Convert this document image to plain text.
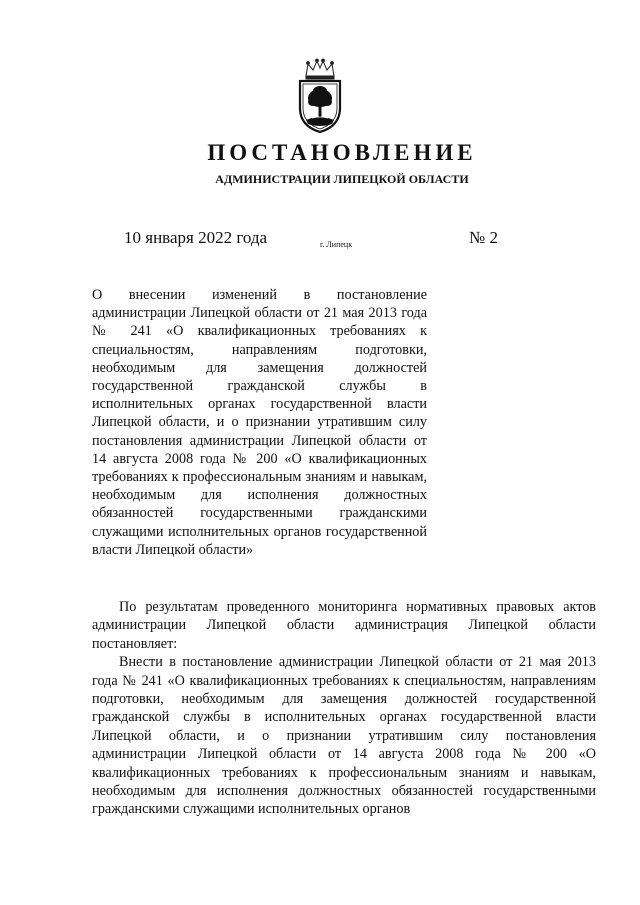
ПОСТАНОВЛЕНИЕ
АДМИНИСТРАЦИИ ЛИПЕЦКОЙ ОБЛАСТИ
10 января 2022 года	г. Липецк	№ 2
О внесении изменений в постановление администрации Липецкой области от 21 мая 2013 года № 241 «О квалификационных требованиях к специальностям, направлениям подготовки, необходимым для замещения должностей государственной гражданской службы в исполнительных органах государственной власти Липецкой области, и о признании утратившим силу постановления администрации Липецкой области от 14 августа 2008 года № 200 «О квалификационных требованиях к профессиональным знаниям и навыкам, необходимым для исполнения должностных обязанностей государственными гражданскими служащими исполнительных органов государственной власти Липецкой области»

По результатам проведенного мониторинга нормативных правовых актов администрации Липецкой области администрация Липецкой области постановляет:

Внести в постановление администрации Липецкой области от 21 мая 2013 года № 241 «О квалификационных требованиях к специальностям, направлениям подготовки, необходимым для замещения должностей государственной гражданской службы в исполнительных органах государственной власти Липецкой области, и о признании утратившим силу постановления администрации Липецкой области от 14 августа 2008 года № 200 «О квалификационных требованиях к профессиональным знаниям и навыкам, необходимым для исполнения должностных обязанностей государственными гражданскими служащими исполнительных органов
